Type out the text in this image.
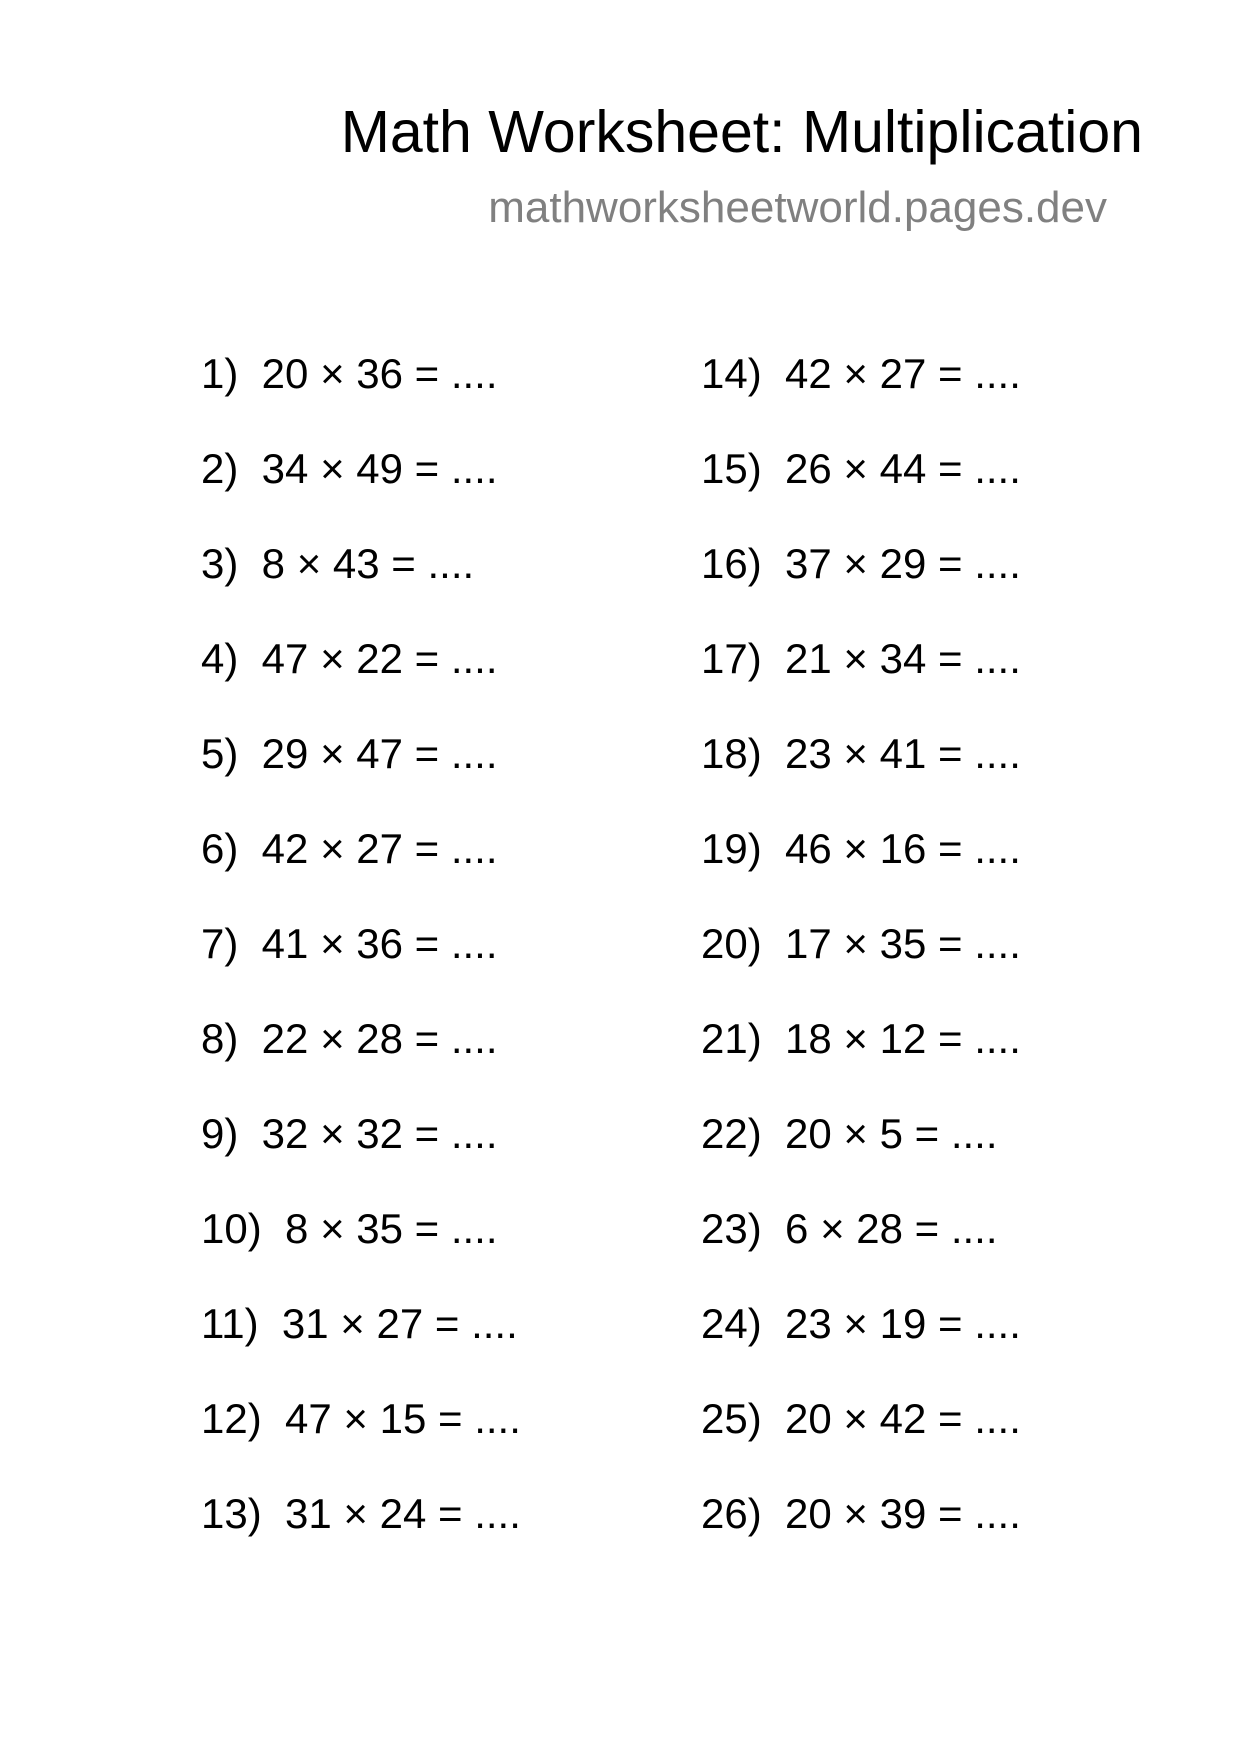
Math Worksheet: Multiplication
mathworksheetworld.pages.dev
1)  20 × 36 = ....
2)  34 × 49 = ....
3)  8 × 43 = ....
4)  47 × 22 = ....
5)  29 × 47 = ....
6)  42 × 27 = ....
7)  41 × 36 = ....
8)  22 × 28 = ....
9)  32 × 32 = ....
10)  8 × 35 = ....
11)  31 × 27 = ....
12)  47 × 15 = ....
13)  31 × 24 = ....
14)  42 × 27 = ....
15)  26 × 44 = ....
16)  37 × 29 = ....
17)  21 × 34 = ....
18)  23 × 41 = ....
19)  46 × 16 = ....
20)  17 × 35 = ....
21)  18 × 12 = ....
22)  20 × 5 = ....
23)  6 × 28 = ....
24)  23 × 19 = ....
25)  20 × 42 = ....
26)  20 × 39 = ....
